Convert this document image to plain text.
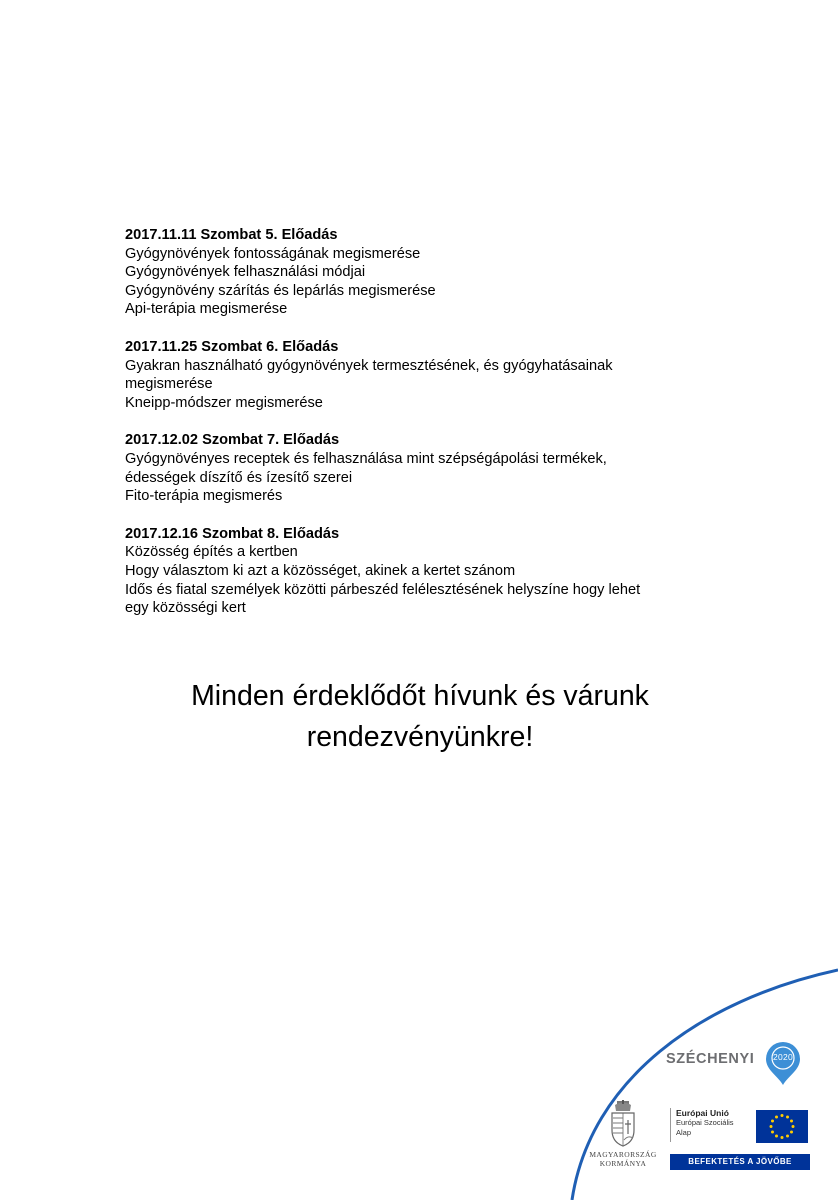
2017.11.11 Szombat 5. Előadás
Gyógynövények fontosságának megismerése
Gyógynövények felhasználási módjai
Gyógynövény szárítás és lepárlás megismerése
Api-terápia megismerése
2017.11.25 Szombat 6. Előadás
Gyakran használható gyógynövények termesztésének, és gyógyhatásainak
megismerése
Kneipp-módszer megismerése
2017.12.02 Szombat 7. Előadás
Gyógynövényes receptek és felhasználása mint szépségápolási termékek,
édességek díszítő és ízesítő szerei
Fito-terápia megismerés
2017.12.16 Szombat 8. Előadás
Közösség építés a kertben
Hogy választom ki azt a közösséget, akinek a kertet szánom
Idős és fiatal személyek közötti párbeszéd felélesztésének helyszíne hogy lehet
egy közösségi kert
Minden érdeklődőt hívunk és várunk
rendezvényünkre!
SZÉCHENYI	2020
MAGYARORSZÁG
KORMÁNYA
Európai Unió
Európai Szociális
Alap
BEFEKTETÉS A JÖVŐBE
